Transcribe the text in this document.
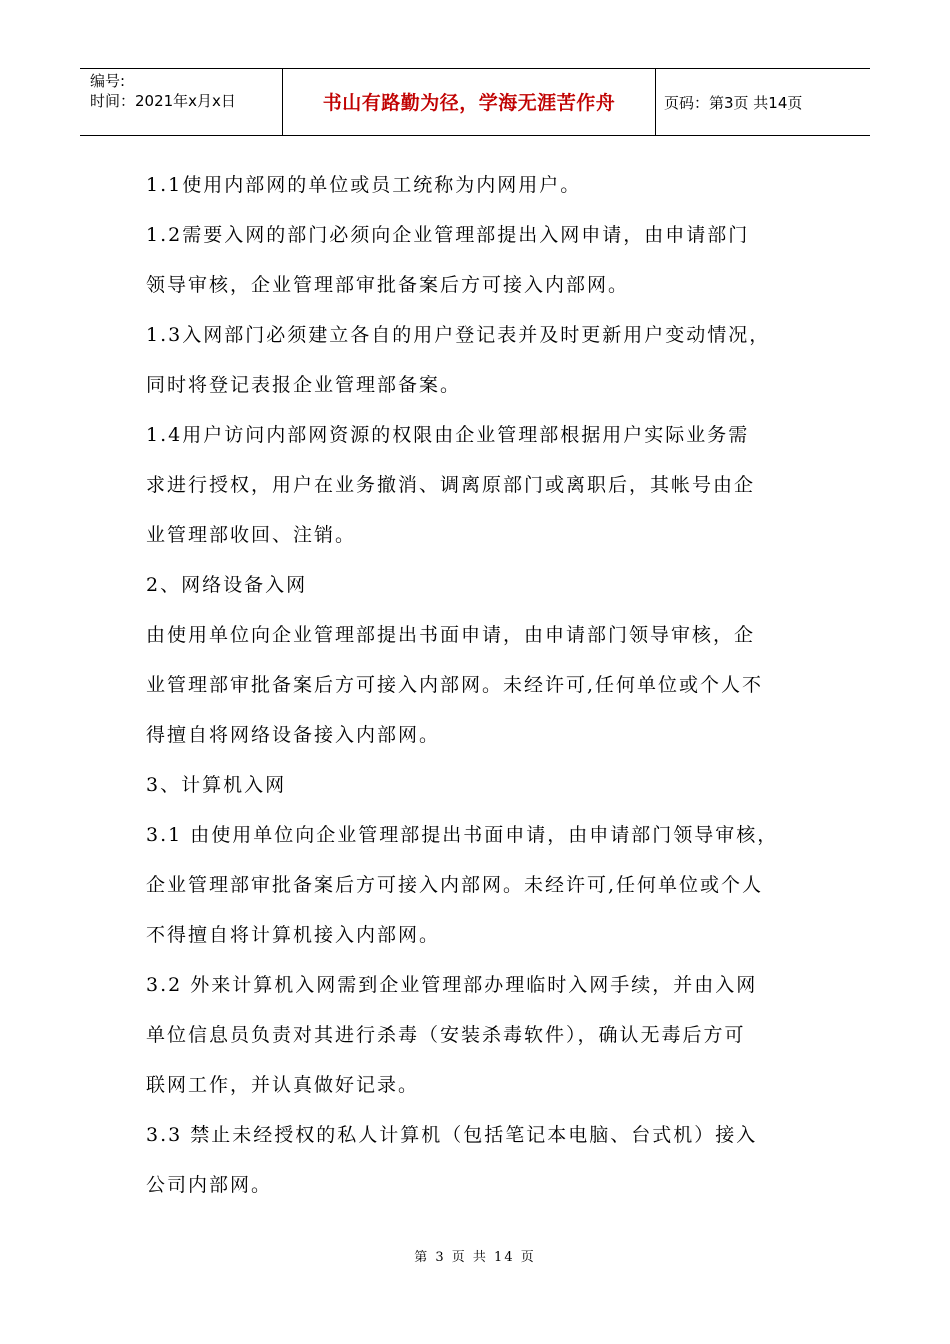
编号:
时间：2021年x月x日	书山有路勤为径，学海无涯苦作舟	页码：第3页 共14页
1.1使用内部网的单位或员工统称为内网用户。
1.2需要入网的部门必须向企业管理部提出入网申请，由申请部门
领导审核，企业管理部审批备案后方可接入内部网。
1.3入网部门必须建立各自的用户登记表并及时更新用户变动情况，
同时将登记表报企业管理部备案。
1.4用户访问内部网资源的权限由企业管理部根据用户实际业务需
求进行授权，用户在业务撤消、调离原部门或离职后，其帐号由企
业管理部收回、注销。
2、网络设备入网
由使用单位向企业管理部提出书面申请，由申请部门领导审核，企
业管理部审批备案后方可接入内部网。未经许可,任何单位或个人不
得擅自将网络设备接入内部网。
3、计算机入网
3.1 由使用单位向企业管理部提出书面申请，由申请部门领导审核，
企业管理部审批备案后方可接入内部网。未经许可,任何单位或个人
不得擅自将计算机接入内部网。
3.2 外来计算机入网需到企业管理部办理临时入网手续，并由入网
单位信息员负责对其进行杀毒（安装杀毒软件），确认无毒后方可
联网工作，并认真做好记录。
3.3 禁止未经授权的私人计算机（包括笔记本电脑、台式机）接入
公司内部网。
第 3 页 共 14 页
